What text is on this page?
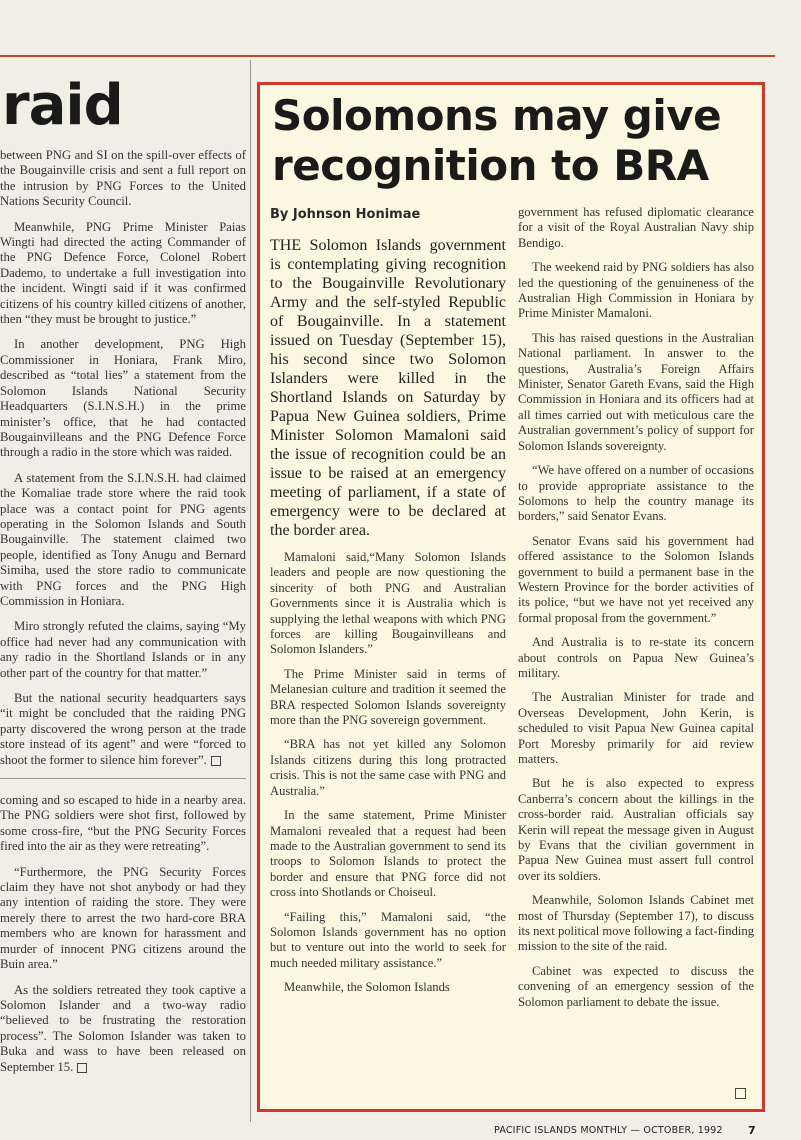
raid

between PNG and SI on the spill-over effects of the Bougainville crisis and sent a full report on the intrusion by PNG Forces to the United Nations Security Council.

Meanwhile, PNG Prime Minister Paias Wingti had directed the acting Commander of the PNG Defence Force, Colonel Robert Dademo, to undertake a full investigation into the incident. Wingti said if it was confirmed citizens of his country killed citizens of another, then “they must be brought to justice.”

In another development, PNG High Commissioner in Honiara, Frank Miro, described as “total lies” a statement from the Solomon Islands National Security Headquarters (S.I.N.S.H.) in the prime minister’s office, that he had contacted Bougainvilleans and the PNG Defence Force through a radio in the store which was raided.

A statement from the S.I.N.S.H. had claimed the Komaliae trade store where the raid took place was a contact point for PNG agents operating in the Solomon Islands and South Bougainville. The statement claimed two people, identified as Tony Anugu and Bernard Simiha, used the store radio to communicate with PNG forces and the PNG High Commission in Honiara.

Miro strongly refuted the claims, saying “My office had never had any communication with any radio in the Shortland Islands or in any other part of the country for that matter.”

But the national security headquarters says “it might be concluded that the raiding PNG party discovered the wrong person at the trade store instead of its agent” and were “forced to shoot the former to silence him forever”.

coming and so escaped to hide in a nearby area. The PNG soldiers were shot first, followed by some cross-fire, “but the PNG Security Forces fired into the air as they were retreating”.

“Furthermore, the PNG Security Forces claim they have not shot anybody or had they any intention of raiding the store. They were merely there to arrest the two hard-core BRA members who are known for harassment and murder of innocent PNG citizens around the Buin area.”

As the soldiers retreated they took captive a Solomon Islander and a two-way radio “believed to be frustrating the restoration process”. The Solomon Islander was taken to Buka and wass to have been released on September 15.

Solomons may give
recognition to BRA
By Johnson Honimae

THE Solomon Islands government is contemplating giving recognition to the Bougainville Revolutionary Army and the self-styled Republic of Bougainville. In a statement issued on Tuesday (September 15), his second since two Solomon Islanders were killed in the Shortland Islands on Saturday by Papua New Guinea soldiers, Prime Minister Solomon Mamaloni said the issue of recognition could be an issue to be raised at an emergency meeting of parliament, if a state of emergency were to be declared at the border area.

Mamaloni said,“Many Solomon Islands leaders and people are now questioning the sincerity of both PNG and Australian Governments since it is Australia which is supplying the lethal weapons with which PNG forces are killing Bougainvilleans and Solomon Islanders.”

The Prime Minister said in terms of Melanesian culture and tradition it seemed the BRA respected Solomon Islands sovereignty more than the PNG sovereign government.

“BRA has not yet killed any Solomon Islands citizens during this long protracted crisis. This is not the same case with PNG and Australia.”

In the same statement, Prime Minister Mamaloni revealed that a request had been made to the Australian government to send its troops to Solomon Islands to protect the border and ensure that PNG force did not cross into Shotlands or Choiseul.

“Failing this,” Mamaloni said, “the Solomon Islands government has no option but to venture out into the world to seek for much needed military assistance.”

Meanwhile, the Solomon Islands

government has refused diplomatic clearance for a visit of the Royal Australian Navy ship Bendigo.

The weekend raid by PNG soldiers has also led the questioning of the genuineness of the Australian High Commission in Honiara by Prime Minister Mamaloni.

This has raised questions in the Australian National parliament. In answer to the questions, Australia’s Foreign Affairs Minister, Senator Gareth Evans, said the High Commission in Honiara and its officers had at all times carried out with meticulous care the Australian government’s policy of support for Solomon Islands sovereignty.

“We have offered on a number of occasions to provide appropriate assistance to the Solomons to help the country manage its borders,” said Senator Evans.

Senator Evans said his government had offered assistance to the Solomon Islands government to build a permanent base in the Western Province for the border activities of its police, “but we have not yet received any formal proposal from the government.”

And Australia is to re-state its concern about controls on Papua New Guinea’s military.

The Australian Minister for trade and Overseas Development, John Kerin, is scheduled to visit Papua New Guinea capital Port Moresby primarily for aid review matters.

But he is also expected to express Canberra’s concern about the killings in the cross-border raid. Australian officials say Kerin will repeat the message given in August by Evans that the civilian government in Papua New Guinea must assert full control over its soldiers.

Meanwhile, Solomon Islands Cabinet met most of Thursday (September 17), to discuss its next political move following a fact-finding mission to the site of the raid.

Cabinet was expected to discuss the convening of an emergency session of the Solomon parliament to debate the issue.

PACIFIC ISLANDS MONTHLY — OCTOBER, 1992 7
